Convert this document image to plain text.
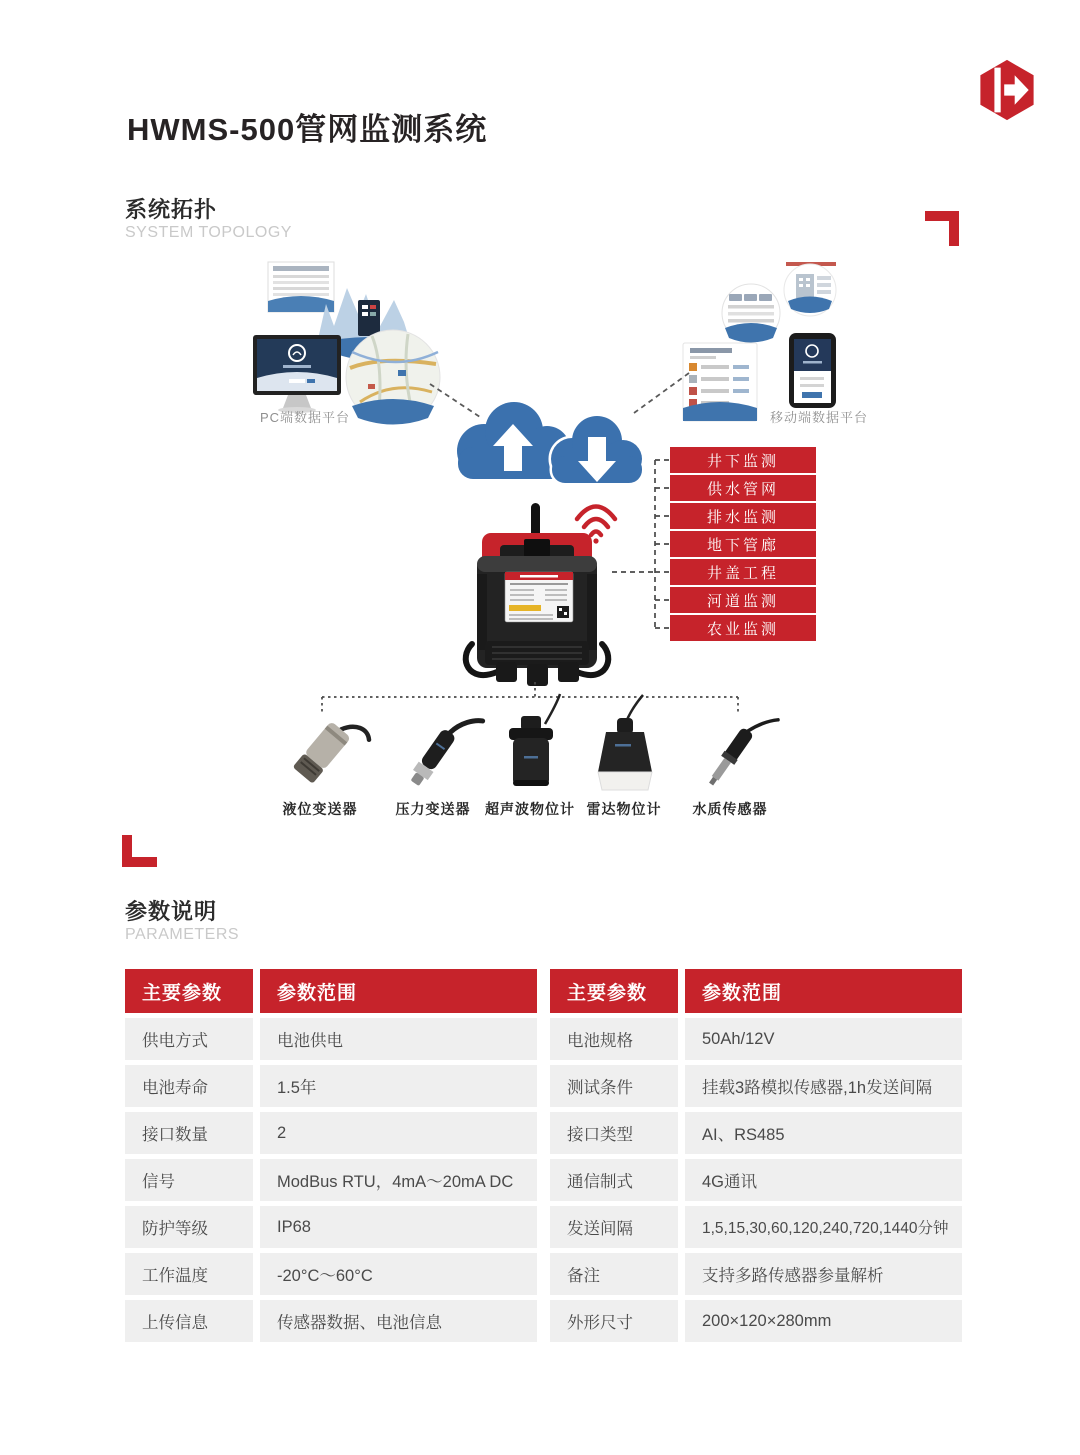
HWMS-500管网监测系统
系统拓扑
SYSTEM TOPOLOGY
参数说明
PARAMETERS
PC端数据平台	移动端数据平台
井下监测
供水管网
排水监测
地下管廊
井盖工程
河道监测
农业监测
液位变送器	压力变送器	超声波物位计 雷达物位计	水质传感器
主要参数	参数范围
供电方式	电池供电
电池寿命	1.5年
接口数量	2
信号	ModBus RTU，4mA～20mA DC
防护等级	IP68
工作温度	-20°C～60°C
上传信息	传感器数据、电池信息
主要参数	参数范围
电池规格	50Ah/12V
测试条件	挂载3路模拟传感器,1h发送间隔
接口类型	AI、RS485
通信制式	4G通讯
发送间隔	1,5,15,30,60,120,240,720,1440分钟
备注	支持多路传感器参量解析
外形尺寸	200×120×280mm
